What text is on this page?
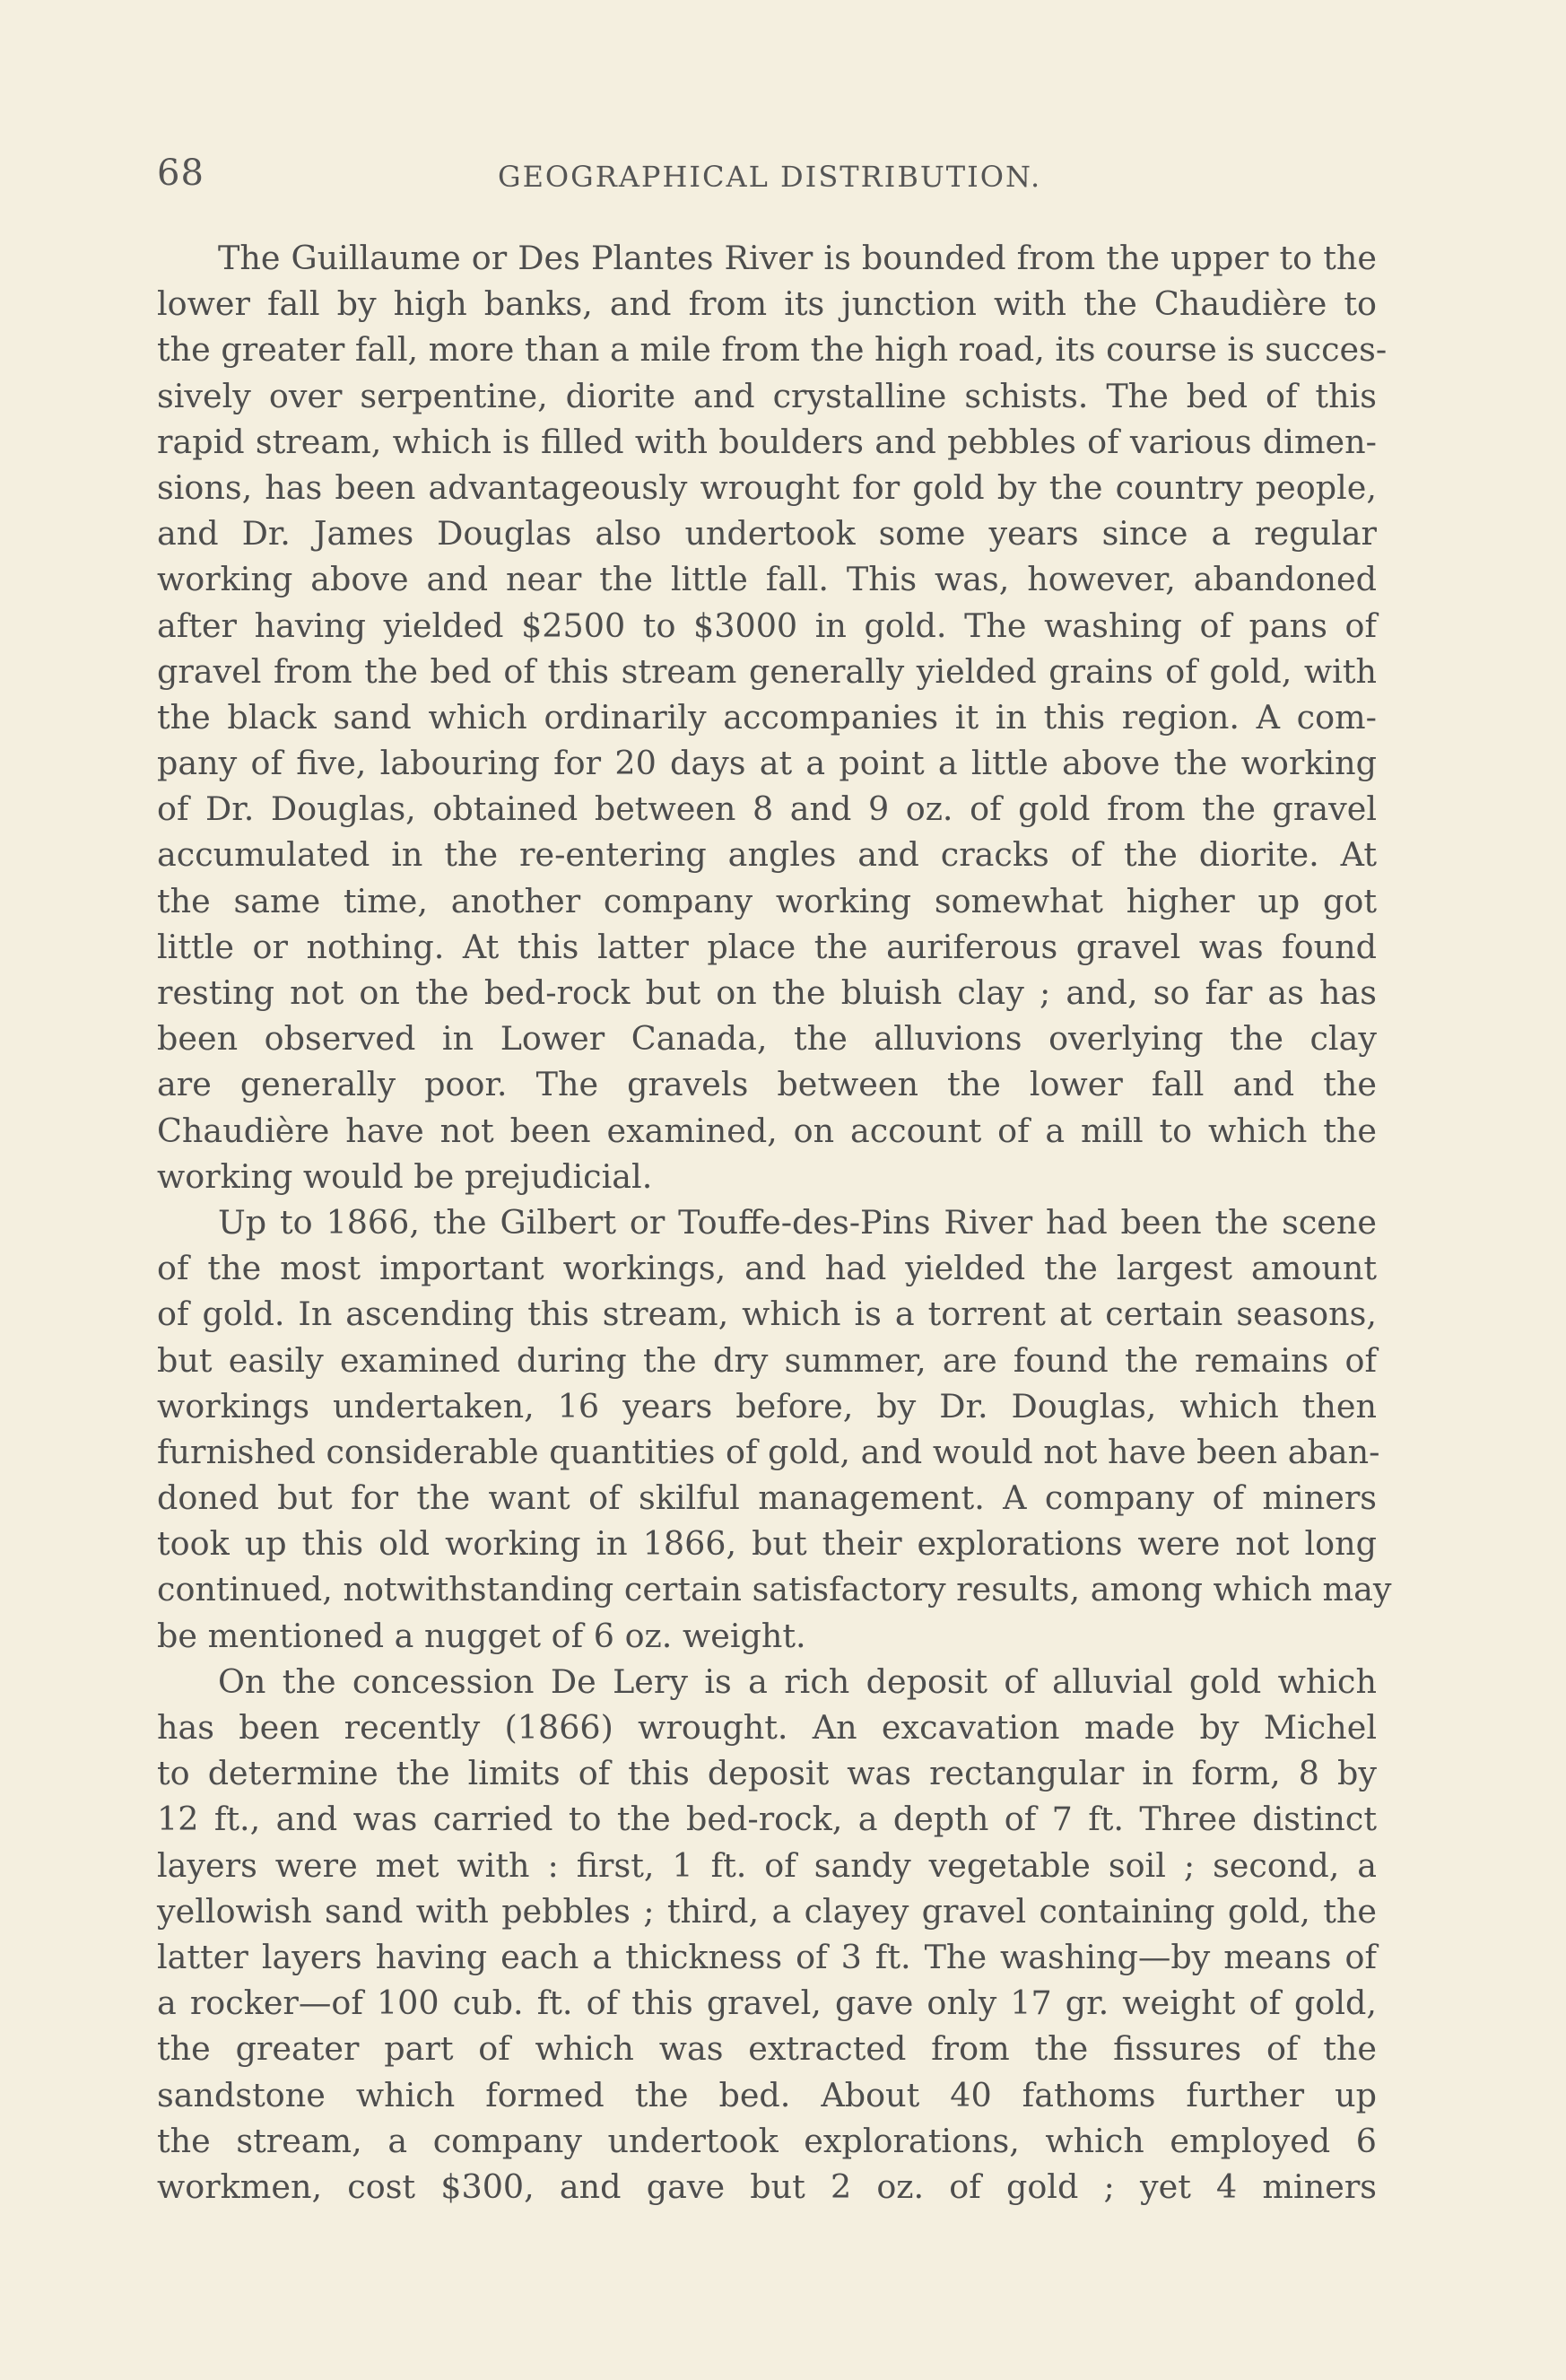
68	GEOGRAPHICAL DISTRIBUTION.
The Guillaume or Des Plantes River is bounded from the upper to the
lower fall by high banks, and from its junction with the Chaudière to
the greater fall, more than a mile from the high road, its course is succes-
sively over serpentine, diorite and crystalline schists. The bed of this
rapid stream, which is filled with boulders and pebbles of various dimen-
sions, has been advantageously wrought for gold by the country people,
and Dr. James Douglas also undertook some years since a regular
working above and near the little fall. This was, however, abandoned
after having yielded $2500 to $3000 in gold. The washing of pans of
gravel from the bed of this stream generally yielded grains of gold, with
the black sand which ordinarily accompanies it in this region. A com-
pany of five, labouring for 20 days at a point a little above the working
of Dr. Douglas, obtained between 8 and 9 oz. of gold from the gravel
accumulated in the re-entering angles and cracks of the diorite. At
the same time, another company working somewhat higher up got
little or nothing. At this latter place the auriferous gravel was found
resting not on the bed-rock but on the bluish clay ; and, so far as has
been observed in Lower Canada, the alluvions overlying the clay
are generally poor. The gravels between the lower fall and the
Chaudière have not been examined, on account of a mill to which the
working would be prejudicial.
Up to 1866, the Gilbert or Touffe-des-Pins River had been the scene
of the most important workings, and had yielded the largest amount
of gold. In ascending this stream, which is a torrent at certain seasons,
but easily examined during the dry summer, are found the remains of
workings undertaken, 16 years before, by Dr. Douglas, which then
furnished considerable quantities of gold, and would not have been aban-
doned but for the want of skilful management. A company of miners
took up this old working in 1866, but their explorations were not long
continued, notwithstanding certain satisfactory results, among which may
be mentioned a nugget of 6 oz. weight.
On the concession De Lery is a rich deposit of alluvial gold which
has been recently (1866) wrought. An excavation made by Michel
to determine the limits of this deposit was rectangular in form, 8 by
12 ft., and was carried to the bed-rock, a depth of 7 ft. Three distinct
layers were met with : first, 1 ft. of sandy vegetable soil ; second, a
yellowish sand with pebbles ; third, a clayey gravel containing gold, the
latter layers having each a thickness of 3 ft. The washing—by means of
a rocker—of 100 cub. ft. of this gravel, gave only 17 gr. weight of gold,
the greater part of which was extracted from the fissures of the
sandstone which formed the bed. About 40 fathoms further up
the stream, a company undertook explorations, which employed 6
workmen, cost $300, and gave but 2 oz. of gold ; yet 4 miners
